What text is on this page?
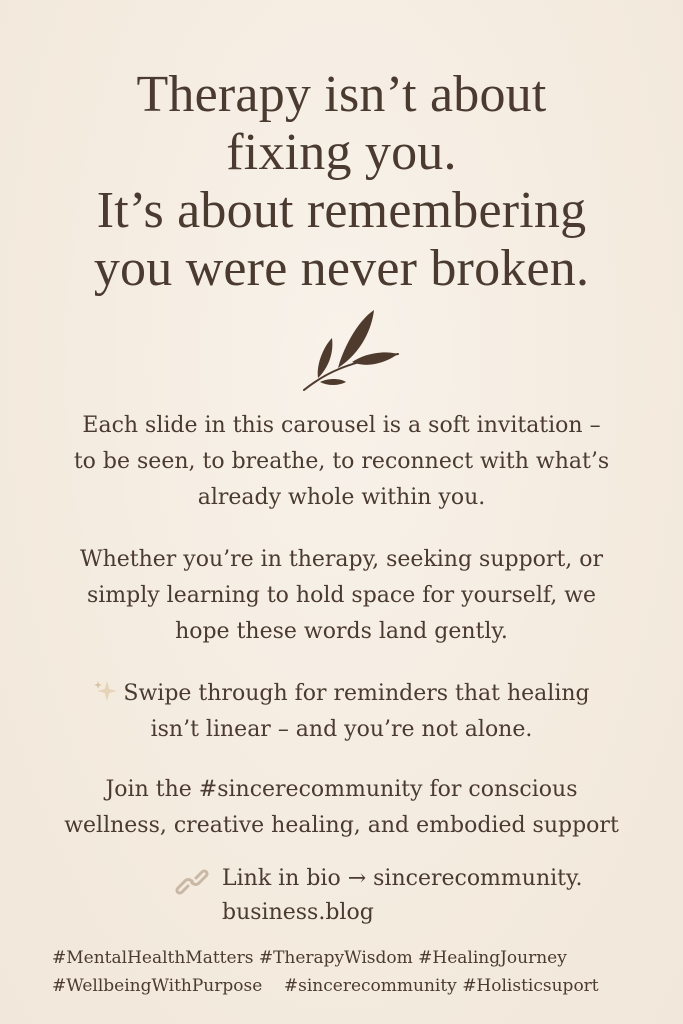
Therapy isn’t about
fixing you.
It’s about remembering
you were never broken.

Each slide in this carousel is a soft invitation –
to be seen, to breathe, to reconnect with what’s
already whole within you.

Whether you’re in therapy, seeking support, or
simply learning to hold space for yourself, we
hope these words land gently.

Swipe through for reminders that healing
isn’t linear – and you’re not alone.

Join the #sincerecommunity for conscious
wellness, creative healing, and embodied support

Link in bio → sincerecommunity.
business.blog
#MentalHealthMatters #TherapyWisdom #HealingJourney
#WellbeingWithPurpose    #sincerecommunity #Holisticsuport
